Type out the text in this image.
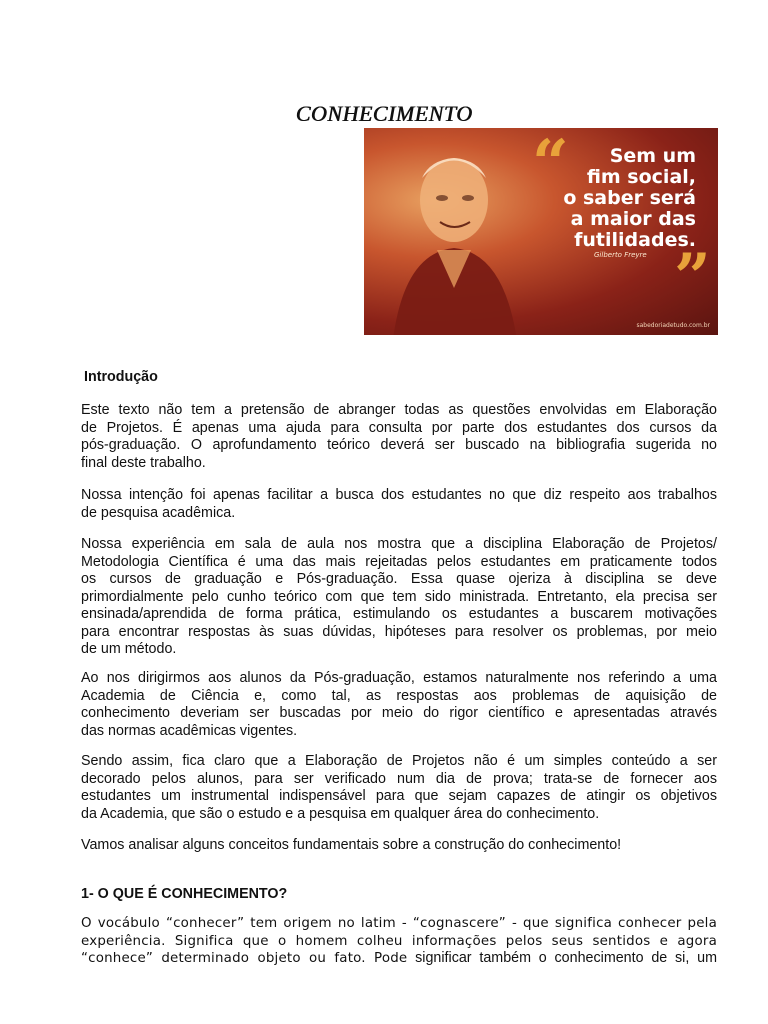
CONHECIMENTO
“	Sem um
fim social,
o saber será
a maior das
futilidades.
Gilberto Freyre ”
sabedoriadetudo.com.br
Introdução
Este texto não tem a pretensão de abranger todas as questões envolvidas em Elaboração
de Projetos. É apenas uma ajuda para consulta por parte dos estudantes dos cursos da
pós-graduação. O aprofundamento teórico deverá ser buscado na bibliografia sugerida no
final deste trabalho.
Nossa intenção foi apenas facilitar a busca dos estudantes no que diz respeito aos trabalhos
de pesquisa acadêmica.
Nossa experiência em sala de aula nos mostra que a disciplina Elaboração de Projetos/
Metodologia Científica é uma das mais rejeitadas pelos estudantes em praticamente todos
os cursos de graduação e Pós-graduação. Essa quase ojeriza à disciplina se deve
primordialmente pelo cunho teórico com que tem sido ministrada. Entretanto, ela precisa ser
ensinada/aprendida de forma prática, estimulando os estudantes a buscarem motivações
para encontrar respostas às suas dúvidas, hipóteses para resolver os problemas, por meio
de um método.
Ao nos dirigirmos aos alunos da Pós-graduação, estamos naturalmente nos referindo a uma
Academia de Ciência e, como tal, as respostas aos problemas de aquisição de
conhecimento deveriam ser buscadas por meio do rigor científico e apresentadas através
das normas acadêmicas vigentes.
Sendo assim, fica claro que a Elaboração de Projetos não é um simples conteúdo a ser
decorado pelos alunos, para ser verificado num dia de prova; trata-se de fornecer aos
estudantes um instrumental indispensável para que sejam capazes de atingir os objetivos
da Academia, que são o estudo e a pesquisa em qualquer área do conhecimento.
Vamos analisar alguns conceitos fundamentais sobre a construção do conhecimento!
1- O QUE É CONHECIMENTO?
O vocábulo “conhecer” tem origem no latim - “cognascere” - que significa conhecer pela
experiência. Significa que o homem colheu informações pelos seus sentidos e agora
“conhece” determinado objeto ou fato. Pode significar também o conhecimento de si, um
